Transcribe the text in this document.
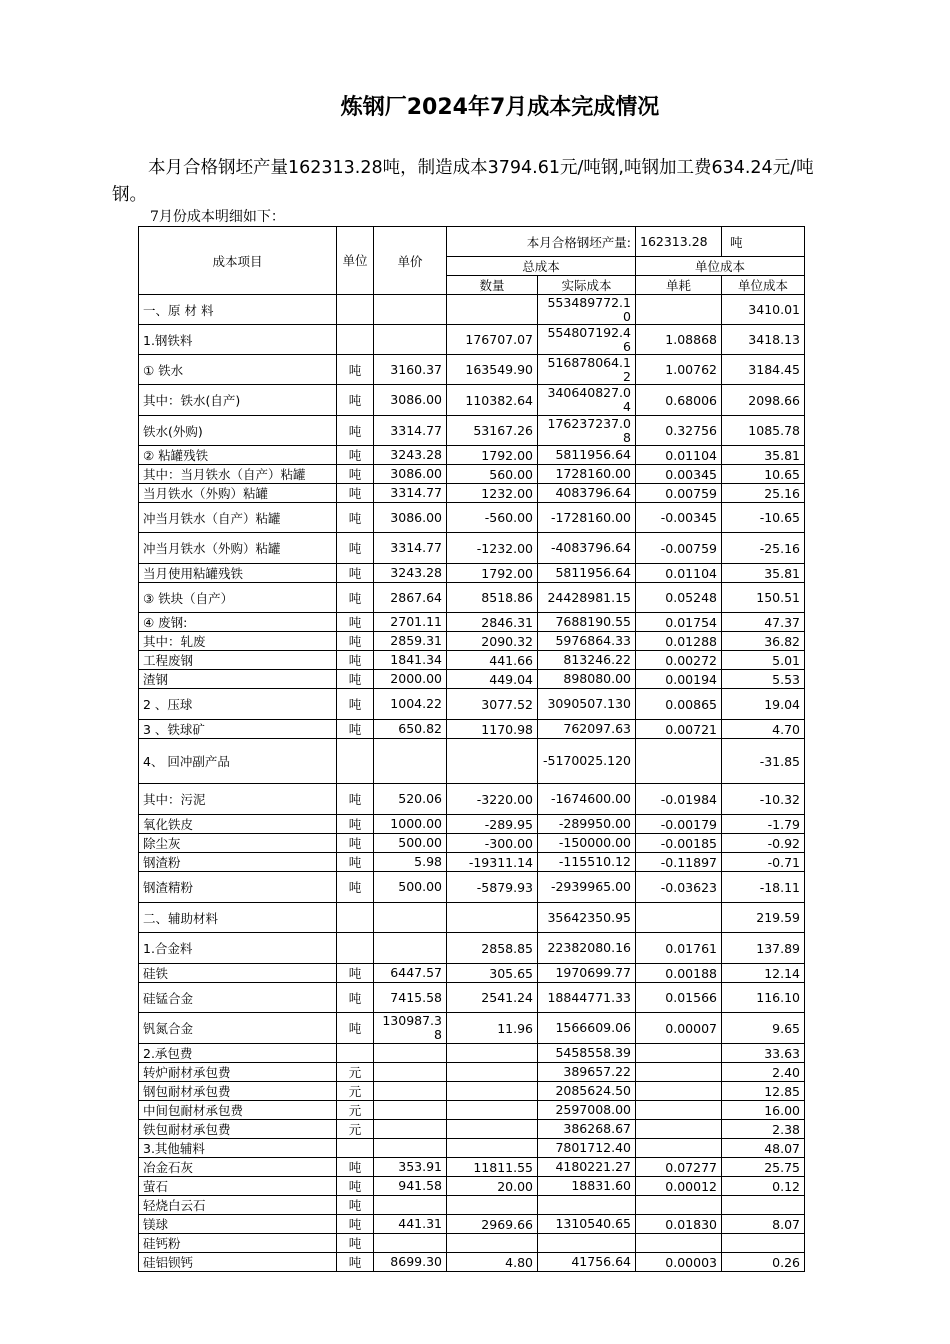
炼钢厂2024年7月成本完成情况
本月合格钢坯产量162313.28吨，制造成本3794.61元/吨钢,吨钢加工费634.24元/吨钢。
7月份成本明细如下：
成本项目	单位	单价	本月合格钢坯产量:		162313.28	吨
			总成本		单位成本	
			数量	实际成本	单耗	单位成本
一、原 材 料				553489772.10		3410.01
1.钢铁料			176707.07	554807192.46	1.08868	3418.13
① 铁水	吨	3160.37	163549.90	516878064.12	1.00762	3184.45
其中：铁水(自产)	吨	3086.00	110382.64	340640827.04	0.68006	2098.66
铁水(外购)	吨	3314.77	53167.26	176237237.08	0.32756	1085.78
② 粘罐残铁	吨	3243.28	1792.00	5811956.64	0.01104	35.81
其中：当月铁水（自产）粘罐	吨	3086.00	560.00	1728160.00	0.00345	10.65
当月铁水（外购）粘罐	吨	3314.77	1232.00	4083796.64	0.00759	25.16
冲当月铁水（自产）粘罐	吨	3086.00	-560.00	-1728160.00	-0.00345	-10.65
冲当月铁水（外购）粘罐	吨	3314.77	-1232.00	-4083796.64	-0.00759	-25.16
当月使用粘罐残铁	吨	3243.28	1792.00	5811956.64	0.01104	35.81
③ 铁块（自产）	吨	2867.64	8518.86	24428981.15	0.05248	150.51
④ 废钢:	吨	2701.11	2846.31	7688190.55	0.01754	47.37
其中：轧废	吨	2859.31	2090.32	5976864.33	0.01288	36.82
工程废钢	吨	1841.34	441.66	813246.22	0.00272	5.01
渣钢	吨	2000.00	449.04	898080.00	0.00194	5.53
2 、压球	吨	1004.22	3077.52	3090507.130	0.00865	19.04
3 、铁球矿	吨	650.82	1170.98	762097.63	0.00721	4.70
4、 回冲副产品				-5170025.120		-31.85
其中：污泥	吨	520.06	-3220.00	-1674600.00	-0.01984	-10.32
氧化铁皮	吨	1000.00	-289.95	-289950.00	-0.00179	-1.79
除尘灰	吨	500.00	-300.00	-150000.00	-0.00185	-0.92
钢渣粉	吨	5.98	-19311.14	-115510.12	-0.11897	-0.71
钢渣精粉	吨	500.00	-5879.93	-2939965.00	-0.03623	-18.11
二、辅助材料				35642350.95		219.59
1.合金料			2858.85	22382080.16	0.01761	137.89
硅铁	吨	6447.57	305.65	1970699.77	0.00188	12.14
硅锰合金	吨	7415.58	2541.24	18844771.33	0.01566	116.10
钒氮合金	吨	130987.38	11.96	1566609.06	0.00007	9.65
2.承包费				5458558.39		33.63
转炉耐材承包费	元			389657.22		2.40
钢包耐材承包费	元			2085624.50		12.85
中间包耐材承包费	元			2597008.00		16.00
铁包耐材承包费	元			386268.67		2.38
3.其他辅料				7801712.40		48.07
冶金石灰	吨	353.91	11811.55	4180221.27	0.07277	25.75
萤石	吨	941.58	20.00	18831.60	0.00012	0.12
轻烧白云石	吨					
镁球	吨	441.31	2969.66	1310540.65	0.01830	8.07
硅钙粉	吨					
硅铝钡钙	吨	8699.30	4.80	41756.64	0.00003	0.26
